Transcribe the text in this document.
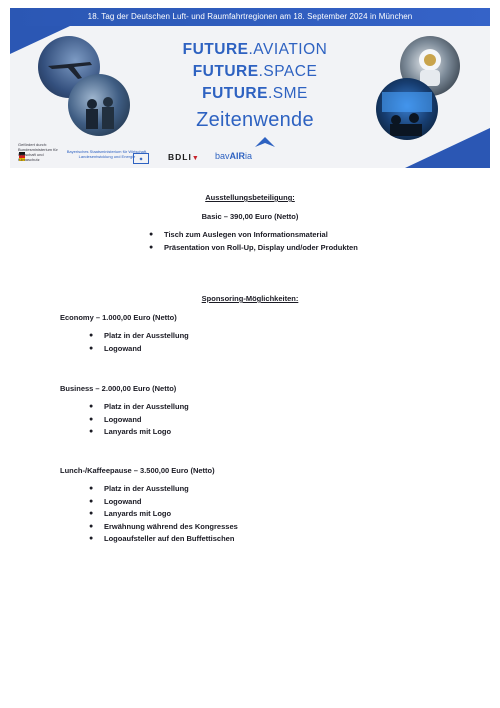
18. Tag der Deutschen Luft- und Raumfahrtregionen am 18. September 2024 in München
FUTURE.AVIATION
FUTURE.SPACE
FUTURE.SME
Zeitenwende
Gefördert durch: Bundesministerium für Wirtschaft und Klimaschutz
Bayerisches Staatsministerium für Wirtschaft, Landesentwicklung und Energie	◆	BDLI▼ bavAIRia
Ausstellungsbeteiligung:
Basic – 390,00 Euro (Netto)
● Tisch zum Auslegen von Informationsmaterial
● Präsentation von Roll-Up, Display und/oder Produkten
Sponsoring-Möglichkeiten:
Economy – 1.000,00 Euro (Netto)
● Platz in der Ausstellung
● Logowand
Business – 2.000,00 Euro (Netto)
● Platz in der Ausstellung
● Logowand
● Lanyards mit Logo
Lunch-/Kaffeepause – 3.500,00 Euro (Netto)
● Platz in der Ausstellung
● Logowand
● Lanyards mit Logo
● Erwähnung während des Kongresses
● Logoaufsteller auf den Buffettischen
